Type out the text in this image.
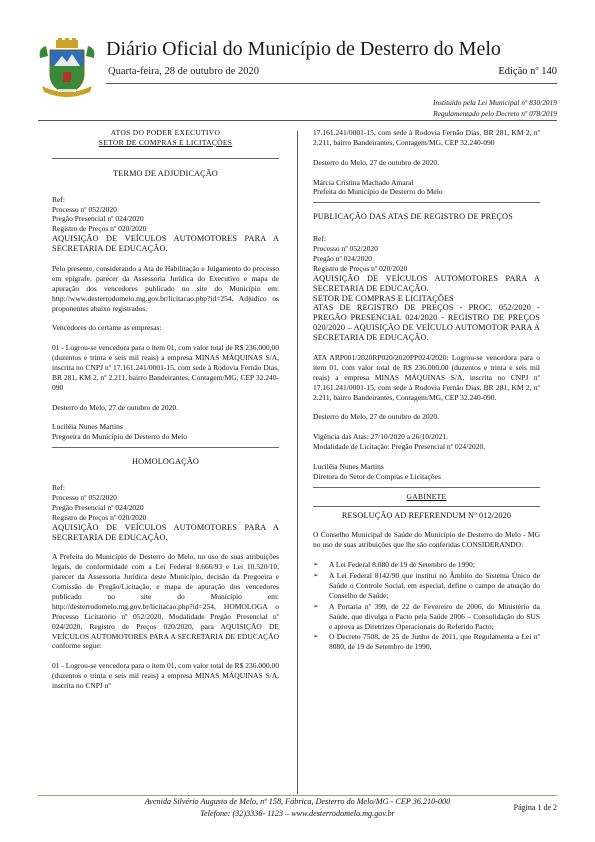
Diário Oficial do Município de Desterro do Melo
Quarta-feira, 28 de outubro de 2020	Edição nº 140
Instituído pela Lei Municipal nº 830/2019
Regulamentado pelo Decreto nº 078/2019
ATOS DO PODER EXECUTIVO
SETOR DE COMPRAS E LICITAÇÕES

TERMO DE ADJUDICAÇÃO

Ref:
Processo nº 052/2020
Pregão Presencial nº 024/2020
Registro de Preços nº 020/2020

AQUISIÇÃO DE VEÍCULOS AUTOMOTORES PARA A SECRETARIA DE EDUCAÇÃO.

Pelo presente, considerando a Ata de Habilitação e Julgamento do processo em epígrafe, parecer da Assessoria Jurídica do Executivo e mapa de apuração dos vencedores publicado no site do Município em: http://www.desterrodomelo.mg.gov.br/licitacao.php?id=254, Adjudico os proponentes abaixo registrados.

Vencedores do certame as empresas:

01 - Logrou-se vencedora para o item 01, com valor total de R$ 236.000,00 (duzentos e trinta e seis mil reais) a empresa MINAS MÁQUINAS S/A, inscrita no CNPJ nº 17.161.241/0001-15, com sede à Rodovia Fernão Dias, BR 281, KM 2, nº 2.211, bairro Bandeirantes, Contagem/MG, CEP 32.240-090

Desterro do Melo, 27 de outubro de 2020.

Luciléia Nunes Martins
Pregoeira do Município de Desterro do Melo

HOMOLOGAÇÃO

Ref:
Processo nº 052/2020
Pregão Presencial nº 024/2020
Registro de Preços nº 020/2020

AQUISIÇÃO DE VEÍCULOS AUTOMOTORES PARA A SECRETARIA DE EDUCAÇÃO.

A Prefeita do Município de Desterro do Melo, no uso de suas atribuições legais, de conformidade com a Lei Federal 8.666/93 e Lei 10.520/10, parecer da Assessoria Jurídica deste Município, decisão da Pregoeira e Comissão de Pregão/Licitação, e mapa de apuração dos vencedores publicado no site do Município em: http://desterrodomelo.mg.gov.br/licitacao.php?id=254, HOMOLOGA o Processo Licitatório nº 052/2020, Modalidade Pregão Presencial nº 024/2020, Registro de Preços 020/2020, para AQUISIÇÃO DE VEÍCULOS AUTOMOTORES PARA A SECRETARIA DE EDUCAÇÃO conforme segue:

01 - Logrou-se vencedora para o item 01, com valor total de R$ 236.000,00 (duzentos e trinta e seis mil reais) a empresa MINAS MÁQUINAS S/A, inscrita no CNPJ nº

17.161.241/0001-15, com sede à Rodovia Fernão Dias, BR 281, KM 2, nº 2.211, bairro Bandeirantes, Contagem/MG, CEP 32.240-090

Desterro do Melo, 27 de outubro de 2020.

Márcia Cristina Machado Amaral
Prefeita do Município de Desterro do Melo

PUBLICAÇÃO DAS ATAS DE REGISTRO DE PREÇOS

Ref:
Processo nº 052/2020
Pregão nº 024/2020
Registro de Preços nº 020/2020
AQUISIÇÃO DE VEÍCULOS AUTOMOTORES PARA A SECRETARIA DE EDUCAÇÃO.
SETOR DE COMPRAS E LICITAÇÕES

ATAS DE REGISTRO DE PREÇOS - PROC. 052/2020 - PREGÃO PRESENCIAL 024/2020 - REGISTRO DE PREÇOS 020/2020 – AQUISIÇÃO DE VEÍCULO AUTOMOTOR PARA A SECRETARIA DE EDUCAÇÃO.

ATA ARP001/2020RP020/2020PP024/2020: Logrou-se vencedora para o item 01, com valor total de R$ 236.000,00 (duzentos e trinta e seis mil reais) a empresa MINAS MÁQUINAS S/A, inscrita no CNPJ nº 17.161.241/0001-15, com sede à Rodovia Fernão Dias, BR 281, KM 2, nº 2.211, bairro Bandeirantes, Contagem/MG, CEP 32.240-090.

Desterro do Melo, 27 de outubro de 2020.

Vigência das Atas: 27/10/2020 a 26/10/2021.

Modalidade de Licitação: Pregão Presencial nº 024/2020.

Lucilêia Nunes Martins
Diretora do Setor de Compras e Licitações
GABINETE

RESOLUÇÃO AD REFERENDUM Nº 012/2020

O Conselho Municipal de Saúde do Município de Desterro do Melo - MG no uso de suas atribuições que lhe são conferidas CONSIDERANDO:

➢ A Lei Federal 8.080 de 19 de Setembro de 1990;
➢ A Lei Federal 8142/90 que institui no Âmbito do Sistema Único de Saúde o Controle Social, em especial, define o campo de atuação do Conselho de Saúde;
➢ A Portaria nº 399, de 22 de Fevereiro de 2006, do Ministério da Saúde, que divulga o Pacto pela Saúde 2006 – Consolidação do SUS e aprova as Diretrizes Operacionais do Referido Pacto;
➢ O Decreto 7508, de 25 de Junho de 2011, que Regulamenta a Lei nº 8080, de 19 de Setembro de 1990,
Avenida Silvério Augusto de Melo, nº 158, Fábrica, Desterro do Melo/MG - CEP 36.210-000
Telefone: (32)3336- 1123 – www.desterrodomelo.mg.gov.br
Página 1 de 2
